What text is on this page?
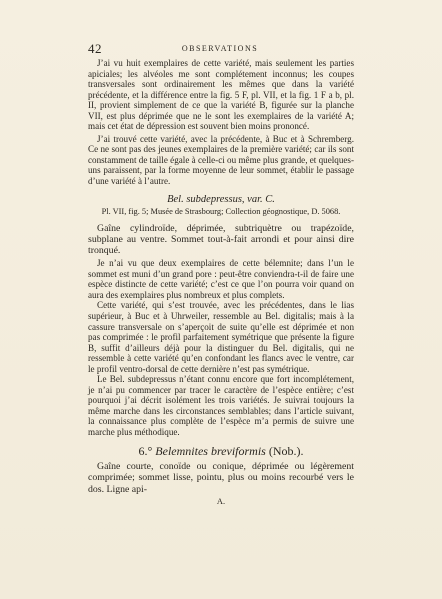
42	OBSERVATIONS

J’ai vu huit exemplaires de cette variété, mais seulement les parties apiciales; les alvéoles me sont complétement inconnus; les coupes transversales sont ordinairement les mêmes que dans la variété précédente, et la différence entre la fig. 5 F, pl. VII, et la fig. 1 F a b, pl. II, provient simplement de ce que la variété B, figurée sur la planche VII, est plus déprimée que ne le sont les exemplaires de la variété A; mais cet état de dépression est souvent bien moins prononcé.

J’ai trouvé cette variété, avec la précédente, à Buc et à Schremberg. Ce ne sont pas des jeunes exemplaires de la première variété; car ils sont constamment de taille égale à celle-ci ou même plus grande, et quelques-uns paraissent, par la forme moyenne de leur sommet, établir le passage d’une variété à l’autre.

Bel. subdepressus, var. C.

Pl. VII, fig. 5; Musée de Strasbourg; Collection géognostique, D. 5068.

Gaîne cylindroïde, déprimée, subtriquètre ou trapézoïde, subplane au ventre. Sommet tout-à-fait arrondi et pour ainsi dire tronqué.

Je n’ai vu que deux exemplaires de cette bélemnite; dans l’un le sommet est muni d’un grand pore : peut-être conviendra-t-il de faire une espèce distincte de cette variété; c’est ce que l’on pourra voir quand on aura des exemplaires plus nombreux et plus complets.

Cette variété, qui s’est trouvée, avec les précédentes, dans le lias supérieur, à Buc et à Uhrweiler, ressemble au Bel. digitalis; mais à la cassure transversale on s’aperçoit de suite qu’elle est déprimée et non pas comprimée : le profil parfaitement symétrique que présente la figure B, suffit d’ailleurs déjà pour la distinguer du Bel. digitalis, qui ne ressemble à cette variété qu’en confondant les flancs avec le ventre, car le profil ventro-dorsal de cette dernière n’est pas symétrique.

Le Bel. subdepressus n’étant connu encore que fort incomplétement, je n’ai pu commencer par tracer le caractère de l’espèce entière; c’est pourquoi j’ai décrit isolément les trois variétés. Je suivrai toujours la même marche dans les circonstances semblables; dans l’article suivant, la connaissance plus complète de l’espèce m’a permis de suivre une marche plus méthodique.

6.° Belemnites breviformis (Nob.).

Gaîne courte, conoïde ou conique, déprimée ou légèrement comprimée; sommet lisse, pointu, plus ou moins recourbé vers le dos. Ligne api-

A.
